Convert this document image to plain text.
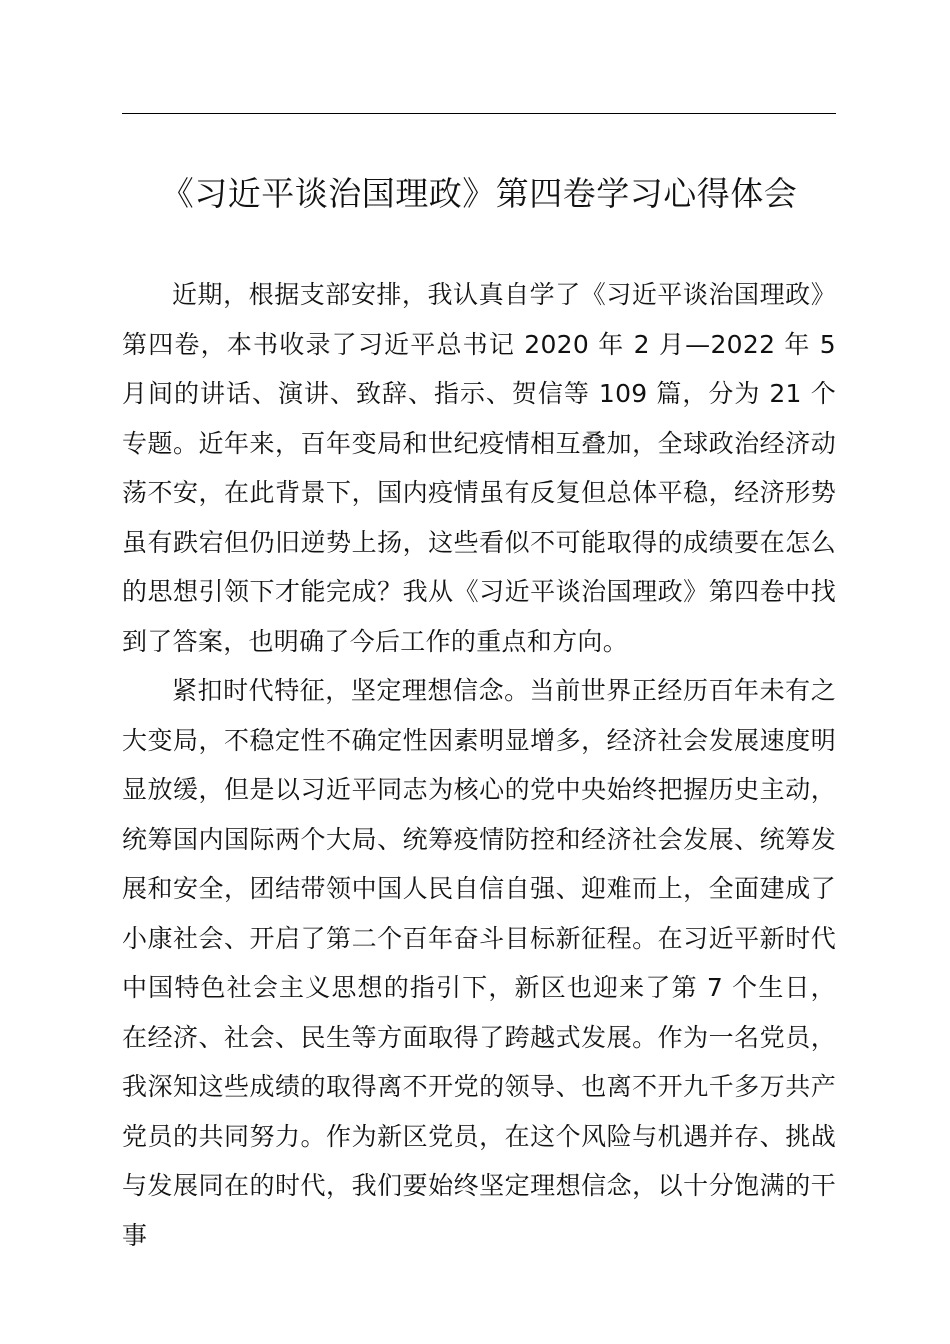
《习近平谈治国理政》第四卷学习心得体会

近期，根据支部安排，我认真自学了《习近平谈治国理政》第四卷，本书收录了习近平总书记 2020 年 2 月—2022 年 5 月间的讲话、演讲、致辞、指示、贺信等 109 篇，分为 21 个专题。近年来，百年变局和世纪疫情相互叠加，全球政治经济动荡不安，在此背景下，国内疫情虽有反复但总体平稳，经济形势虽有跌宕但仍旧逆势上扬，这些看似不可能取得的成绩要在怎么的思想引领下才能完成？我从《习近平谈治国理政》第四卷中找到了答案，也明确了今后工作的重点和方向。

紧扣时代特征，坚定理想信念。当前世界正经历百年未有之大变局，不稳定性不确定性因素明显增多，经济社会发展速度明显放缓，但是以习近平同志为核心的党中央始终把握历史主动，统筹国内国际两个大局、统筹疫情防控和经济社会发展、统筹发展和安全，团结带领中国人民自信自强、迎难而上，全面建成了小康社会、开启了第二个百年奋斗目标新征程。在习近平新时代中国特色社会主义思想的指引下，新区也迎来了第 7 个生日，在经济、社会、民生等方面取得了跨越式发展。作为一名党员，我深知这些成绩的取得离不开党的领导、也离不开九千多万共产党员的共同努力。作为新区党员，在这个风险与机遇并存、挑战与发展同在的时代，我们要始终坚定理想信念，以十分饱满的干事
